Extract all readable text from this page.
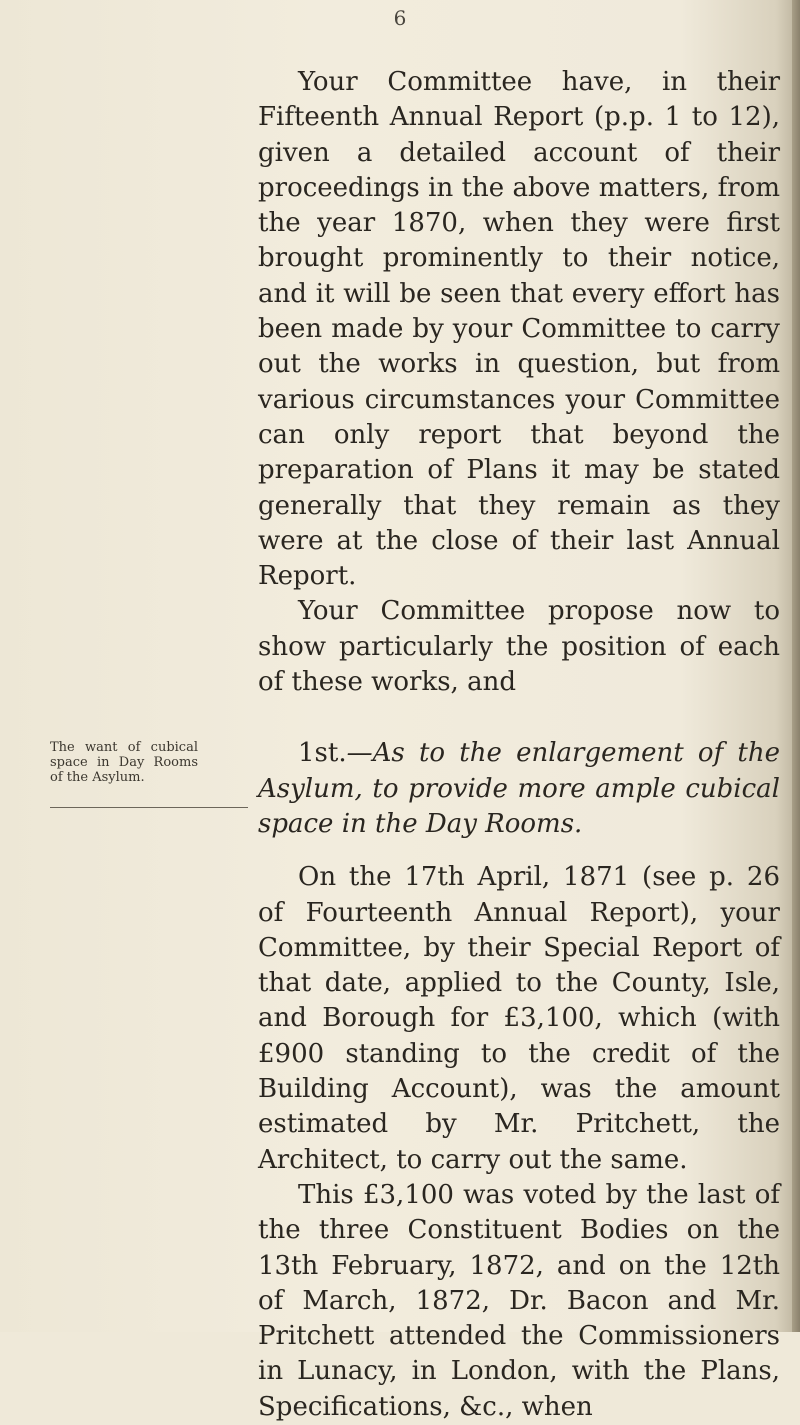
6

Your Committee have, in their Fifteenth Annual Report (p.p. 1 to 12), given a detailed account of their proceedings in the above matters, from the year 1870, when they were first brought prominently to their notice, and it will be seen that every effort has been made by your Committee to carry out the works in question, but from various circumstances your Committee can only report that beyond the preparation of Plans it may be stated generally that they remain as they were at the close of their last Annual Report.

Your Committee propose now to show particularly the position of each of these works, and

1st.—As to the enlargement of the Asylum, to provide more ample cubical space in the Day Rooms.

On the 17th April, 1871 (see p. 26 of Fourteenth Annual Report), your Committee, by their Special Report of that date, applied to the County, Isle, and Borough for £3,100, which (with £900 standing to the credit of the Building Account), was the amount estimated by Mr. Pritchett, the Architect, to carry out the same.

This £3,100 was voted by the last of the three Constituent Bodies on the 13th February, 1872, and on the 12th of March, 1872, Dr. Bacon and Mr. Pritchett attended the Commissioners in Lunacy, in London, with the Plans, Specifications, &c., when

The want of cubical space in Day Rooms of the Asylum.
